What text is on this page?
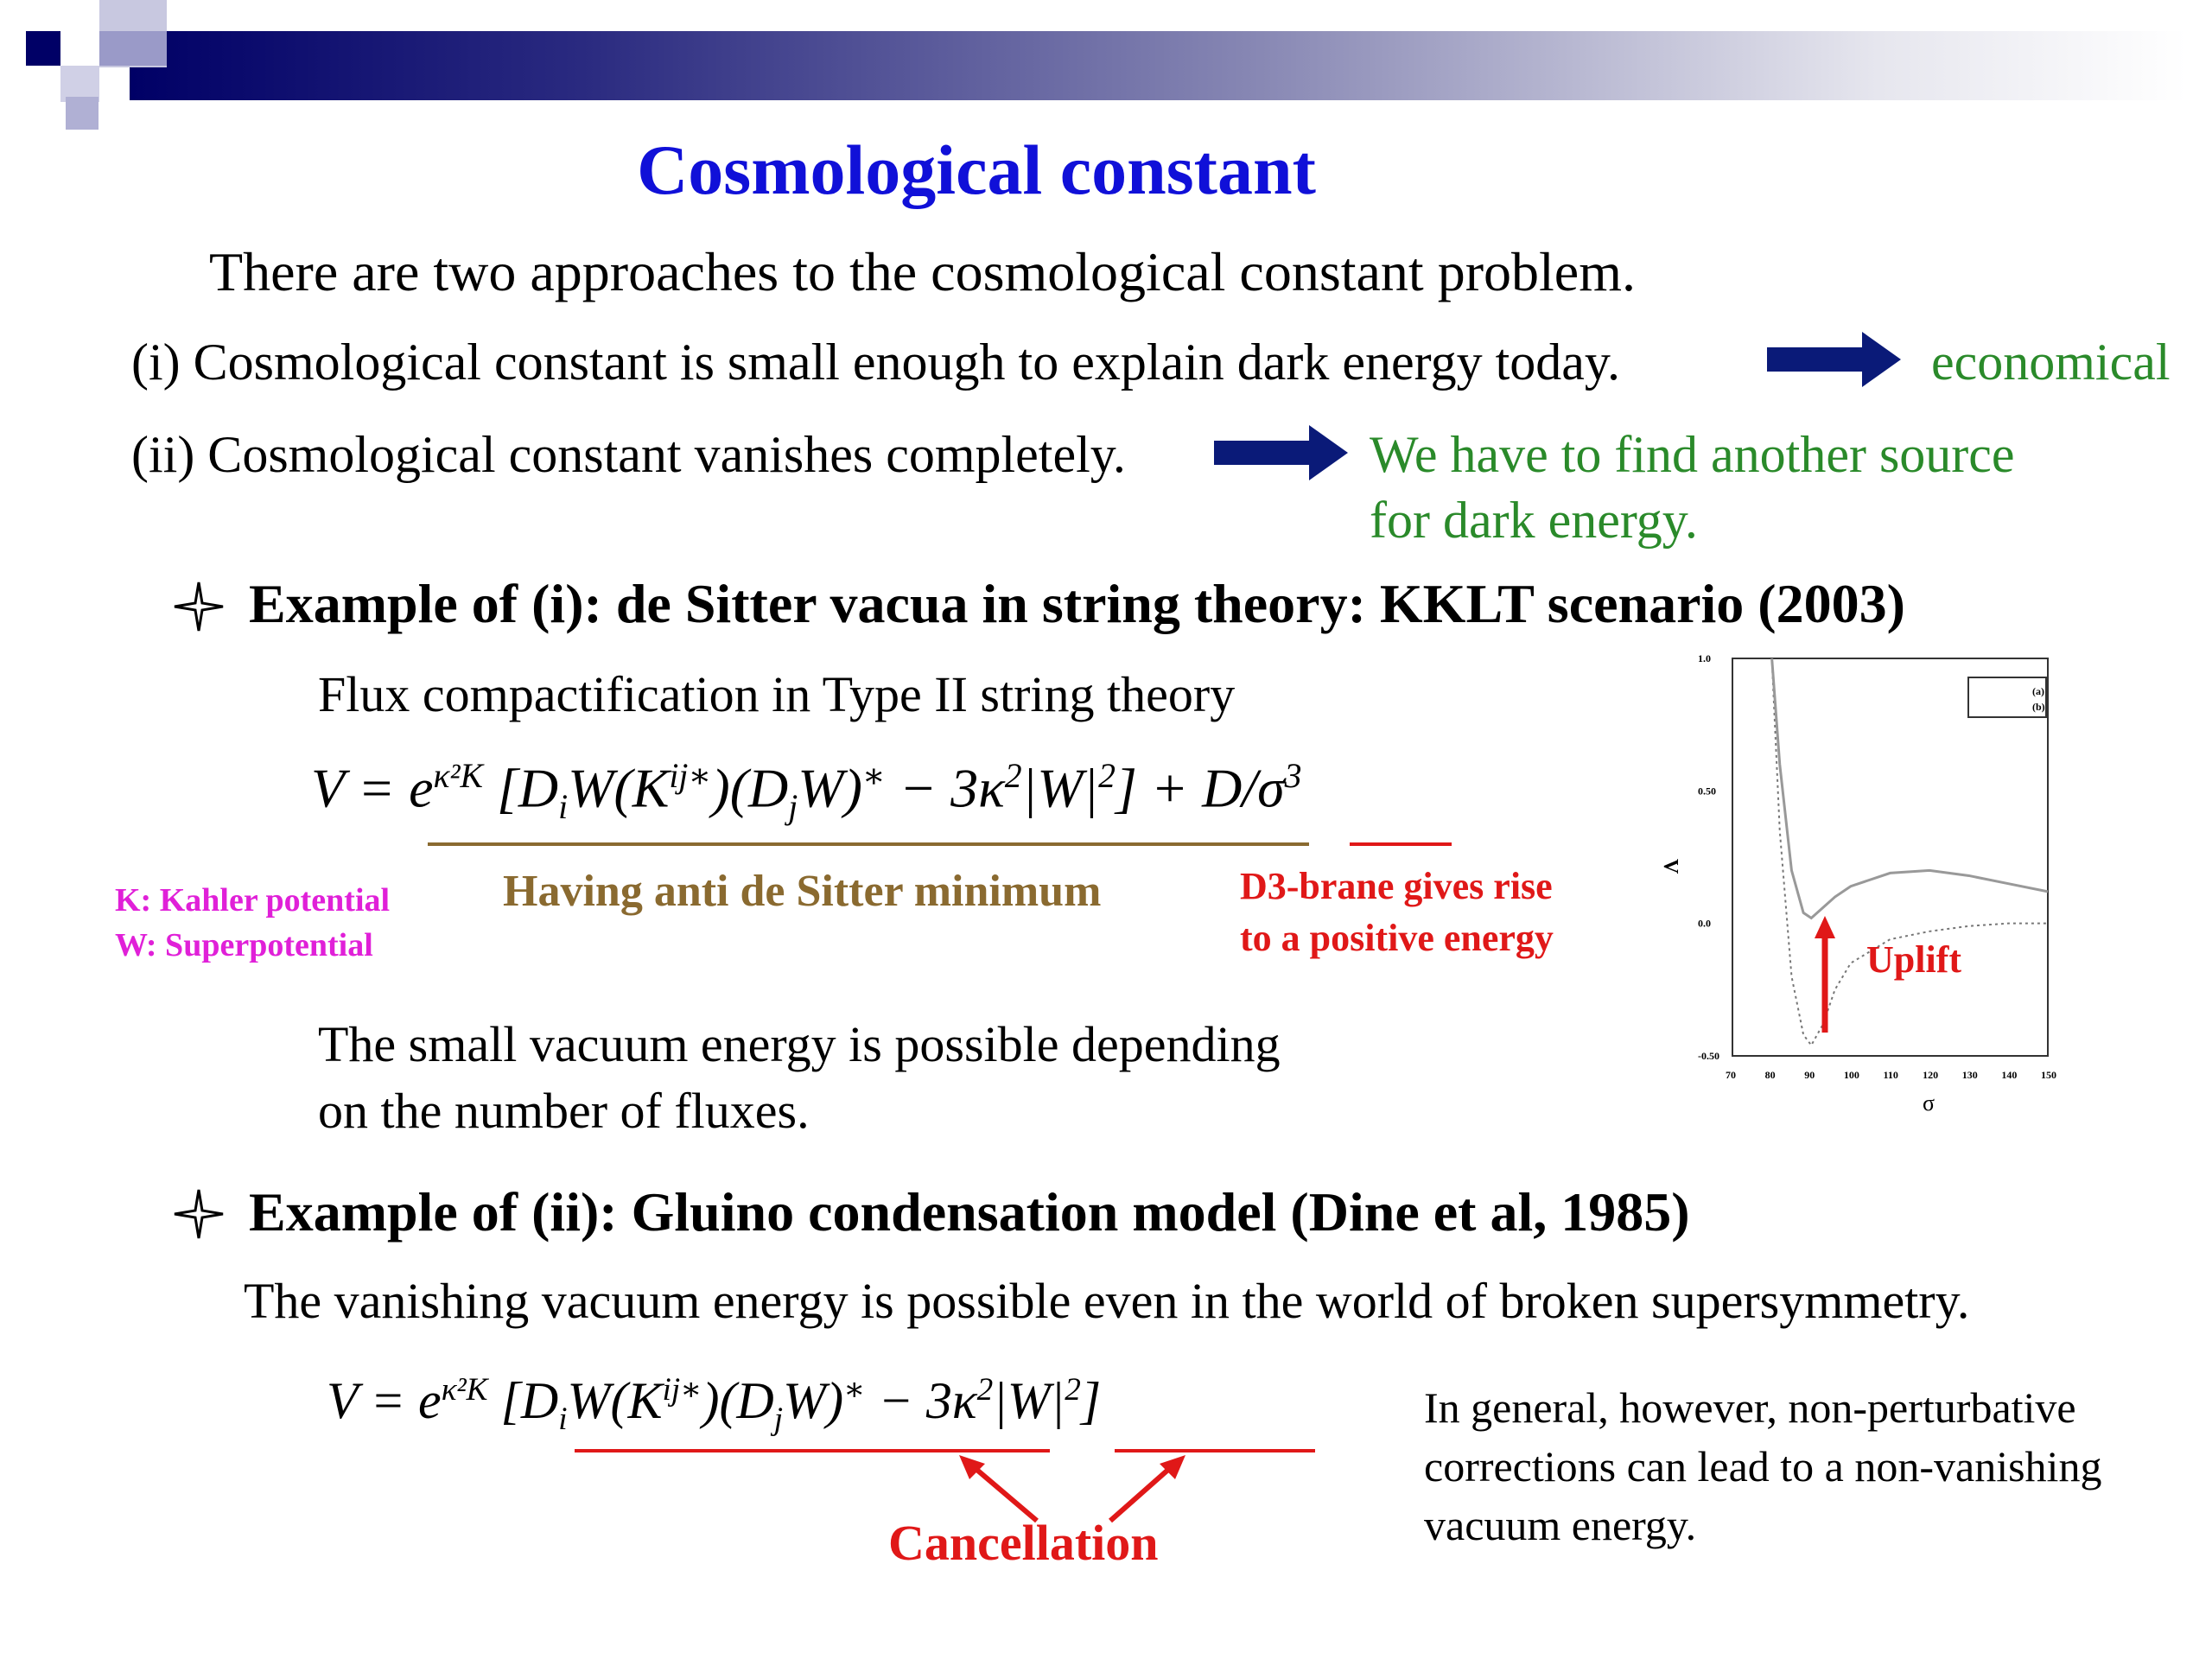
Cosmological constant
There are two approaches to the cosmological constant problem.
(i) Cosmological constant is small enough to explain dark energy today.	economical
(ii) Cosmological constant vanishes completely.	We have to find another source
for dark energy.
Example of (i): de Sitter vacua in string theory: KKLT scenario (2003)
Flux compactification in Type II string theory
$V = e^{\kappa^2K}$ $[D_iW(K^{ij∗})(D_jW)^∗ - 3\kappa^2|W|^2] + D/\sigma^3$
K: Kahler potential
W: Superpotential
Having anti de Sitter minimum	D3-brane gives rise
to a positive energy
The small vacuum energy is possible depending
on the number of fluxes.
70	80	90	100 110 120 130 140 150
1.0
0.50
0.0
-0.50
(a)
(b)
V
σ
Uplift
Example of (ii): Gluino condensation model (Dine et al, 1985)
The vanishing vacuum energy is possible even in the world of broken supersymmetry.
$V = e^{\kappa^2K}$ $[D_iW(K^{ij∗})(D_jW)^∗ - 3\kappa^2|W|^2]$
Cancellation
In general, however, non-perturbative
corrections can lead to a non-vanishing
vacuum energy.
